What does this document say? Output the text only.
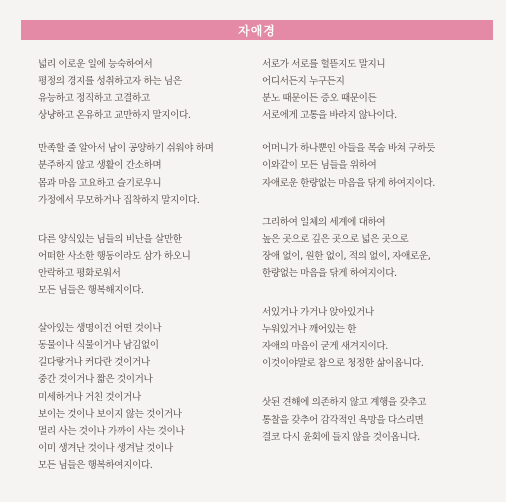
자애경
넓리 이로운 일에 능숙하여서
평정의 경지를 성취하고자 하는 님은
유능하고 정직하고 고결하고
상냥하고 온유하고 교만하지 말지이다.
만족할 줄 알아서 남이 공양하기 쉬워야 하며
분주하지 않고 생활이 간소하며
몸과 마음 고요하고 슬기로우니
가정에서 무모하거나 집착하지 말지이다.
다른 양식있는 님들의 비난을 살만한
어떠한 사소한 행동이라도 삼가 하오니
안락하고 평화로워서
모든 님들은 행복해지이다.
살아있는 생명이건 어떤 것이나
동물이나 식물이거나 남김없이
길다랗거나 커다란 것이거나
중간 것이거나 짧은 것이거나
미세하거나 거친 것이거나
보이는 것이나 보이지 않는 것이거나
멀리 사는 것이나 가까이 사는 것이나
이미 생겨난 것이나 생겨날 것이나
모든 님들은 행복하여지이다.
서로가 서로를 헐뜯지도 말지니
어디서든지 누구든지
분노 때문이든 증오 때문이든
서로에게 고통을 바라지 않나이다.
어머니가 하나뿐인 아들을 목숨 바쳐 구하듯
이와같이 모든 님들을 위하여
자애로운 한량없는 마음을 닦게 하여지이다.
그리하여 일체의 세계에 대하여
높은 곳으로 깊은 곳으로 넓은 곳으로
장애 없이, 원한 없이, 적의 없이, 자애로운,
한량없는 마음을 닦게 하여지이다.
서있거나 가거나 앉아있거나
누워있거나 깨어있는 한
자애의 마음이 굳게 새겨지이다.
이것이야말로 참으로 청정한 삶이옵니다.
삿된 견해에 의존하지 않고 계행을 갖추고
통찰을 갖추어 감각적인 욕망을 다스리면
결코 다시 윤회에 들지 않을 것이옵니다.
